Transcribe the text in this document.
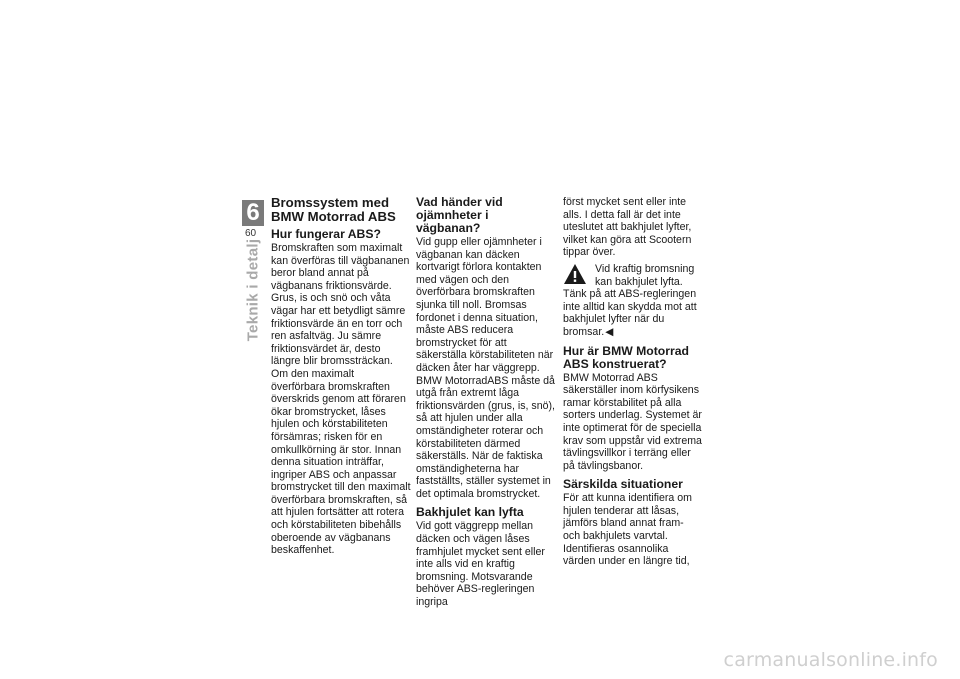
6
60
Teknik i detalj
Bromssystem med BMW Motorrad ABS
Hur fungerar ABS?

Bromskraften som maximalt kan överföras till vägbananen beror bland annat på vägbanans friktionsvärde. Grus, is och snö och våta vägar har ett betydligt sämre friktionsvärde än en torr och ren asfaltväg. Ju sämre friktionsvärdet är, desto längre blir bromssträckan.

Om den maximalt överförbara bromskraften överskrids genom att föraren ökar bromstrycket, låses hjulen och körstabiliteten försämras; risken för en omkullkörning är stor. Innan denna situation inträffar, ingriper ABS och anpassar bromstrycket till den maximalt överförbara bromskraften, så att hjulen fortsätter att rotera och körstabiliteten bibehålls oberoende av vägbanans beskaffenhet.

Vad händer vid ojämnheter i vägbanan?

Vid gupp eller ojämnheter i vägbanan kan däcken kortvarigt förlora kontakten med vägen och den överförbara bromskraften sjunka till noll. Bromsas fordonet i denna situation, måste ABS reducera bromstrycket för att säkerställa körstabiliteten när däcken åter har väggrepp. BMW MotorradABS måste då utgå från extremt låga friktionsvärden (grus, is, snö), så att hjulen under alla omständigheter roterar och körstabiliteten därmed säkerställs. När de faktiska omständigheterna har fastställts, ställer systemet in det optimala bromstrycket.

Bakhjulet kan lyfta

Vid gott väggrepp mellan däcken och vägen låses framhjulet mycket sent eller inte alls vid en kraftig bromsning. Motsvarande behöver ABS-regleringen ingripa

först mycket sent eller inte alls. I detta fall är det inte uteslutet att bakhjulet lyfter, vilket kan göra att Scootern tippar över.

Vid kraftig bromsning kan bakhjulet lyfta.

Tänk på att ABS-regleringen inte alltid kan skydda mot att bakhjulet lyfter när du bromsar.◀

Hur är BMW Motorrad ABS konstruerat?

BMW Motorrad ABS säkerställer inom körfysikens ramar körstabilitet på alla sorters underlag. Systemet är inte optimerat för de speciella krav som uppstår vid extrema tävlingsvillkor i terräng eller på tävlingsbanor.

Särskilda situationer

För att kunna identifiera om hjulen tenderar att låsas, jämförs bland annat fram- och bakhjulets varvtal. Identifieras osannolika värden under en längre tid,

carmanualsonline.info
